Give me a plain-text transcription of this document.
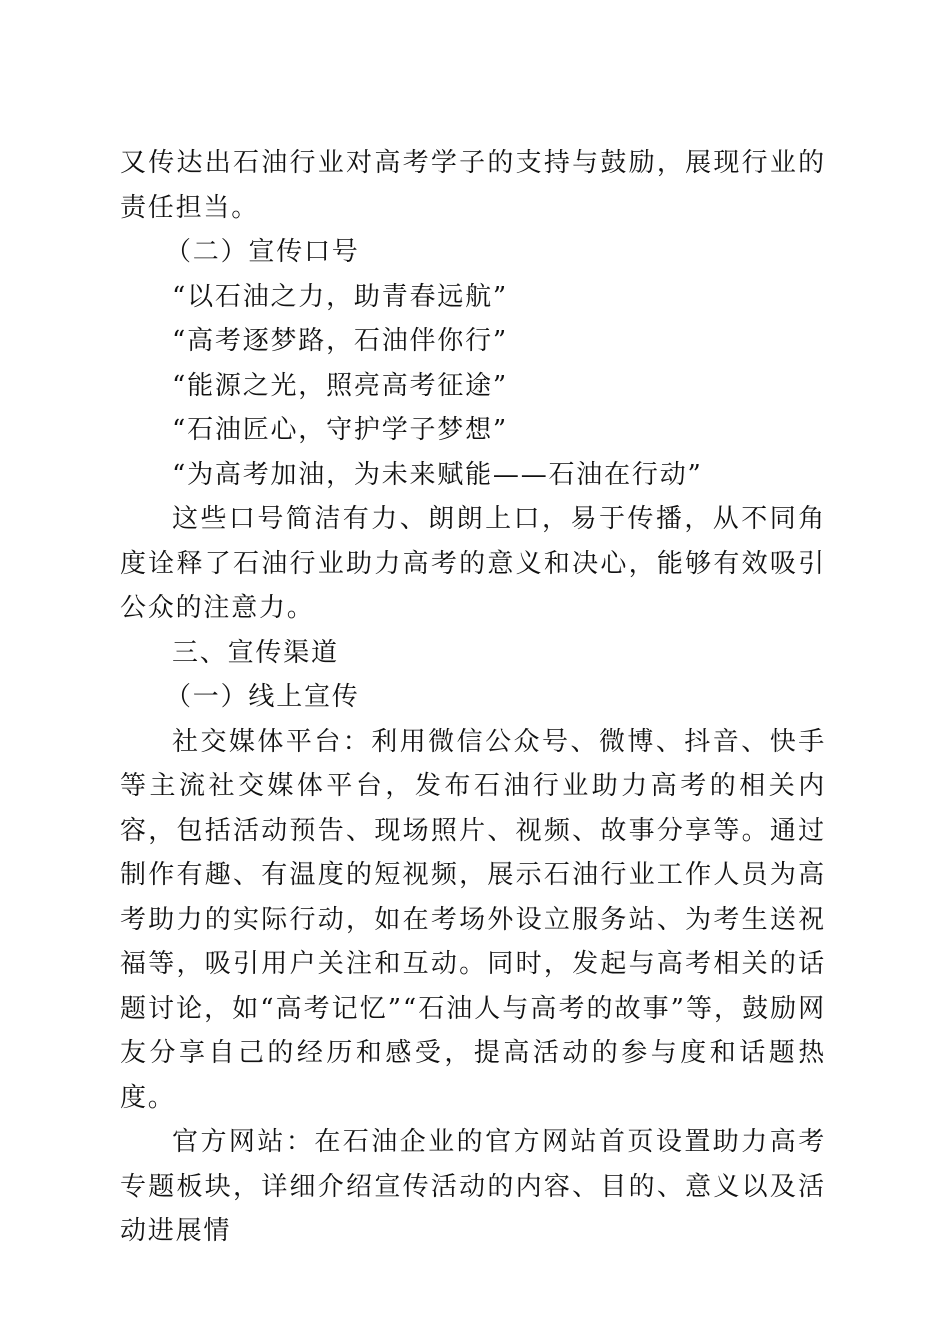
又传达出石油行业对高考学子的支持与鼓励，展现行业的责任担当。

（二）宣传口号

“以石油之力，助青春远航”

“高考逐梦路，石油伴你行”

“能源之光，照亮高考征途”

“石油匠心，守护学子梦想”

“为高考加油，为未来赋能——石油在行动”

这些口号简洁有力、朗朗上口，易于传播，从不同角度诠释了石油行业助力高考的意义和决心，能够有效吸引公众的注意力。

三、宣传渠道

（一）线上宣传

社交媒体平台：利用微信公众号、微博、抖音、快手等主流社交媒体平台，发布石油行业助力高考的相关内容，包括活动预告、现场照片、视频、故事分享等。通过制作有趣、有温度的短视频，展示石油行业工作人员为高考助力的实际行动，如在考场外设立服务站、为考生送祝福等，吸引用户关注和互动。同时，发起与高考相关的话题讨论，如“高考记忆”“石油人与高考的故事”等，鼓励网友分享自己的经历和感受，提高活动的参与度和话题热度。

官方网站：在石油企业的官方网站首页设置助力高考专题板块，详细介绍宣传活动的内容、目的、意义以及活动进展情
